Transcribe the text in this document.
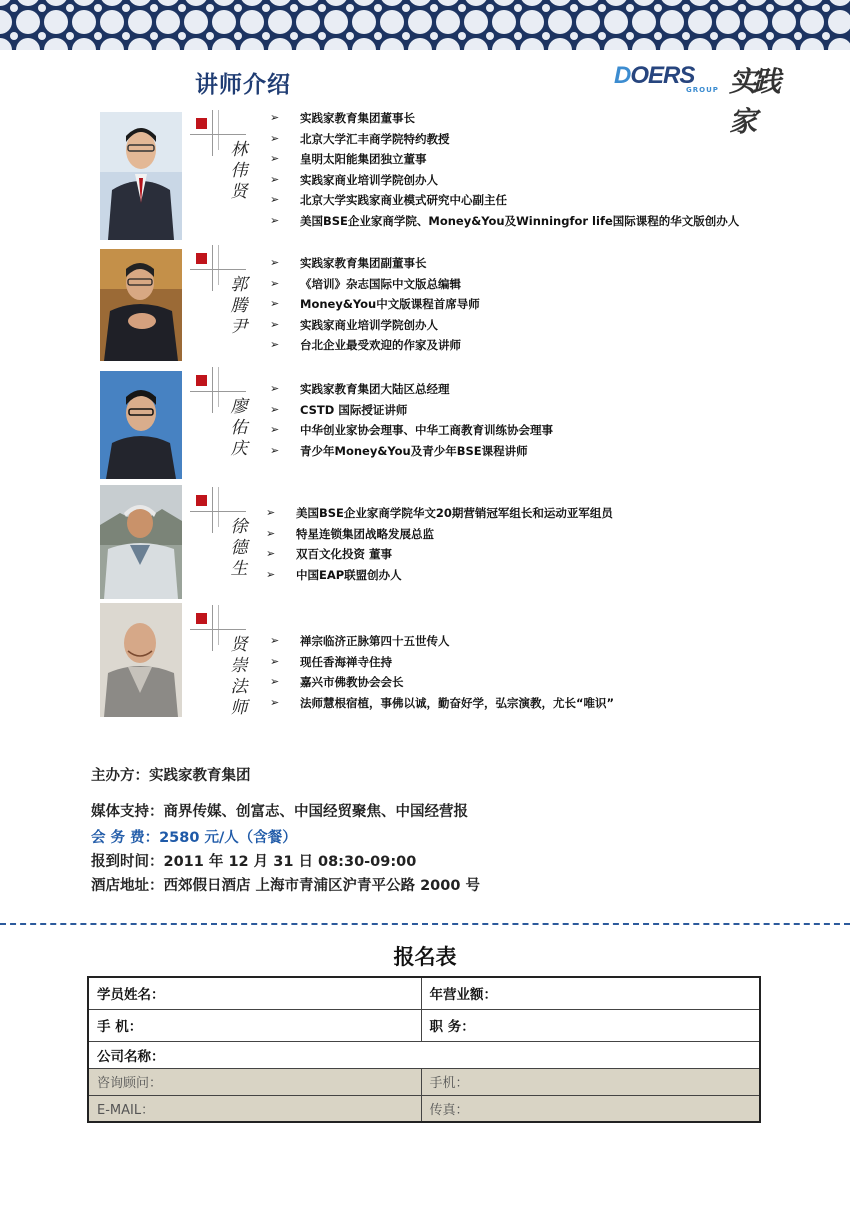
讲师介绍	DOERS
GROUP 实践家
林伟贤
➢ 实践家教育集团董事长
➢ 北京大学汇丰商学院特约教授
➢ 皇明太阳能集团独立董事
➢ 实践家商业培训学院创办人
➢ 北京大学实践家商业模式研究中心副主任
➢ 美国BSE企业家商学院、Money&You及Winningfor life国际课程的华文版创办人
郭腾尹
➢ 实践家教育集团副董事长
➢ 《培训》杂志国际中文版总编辑
➢ Money&You中文版课程首席导师
➢ 实践家商业培训学院创办人
➢ 台北企业最受欢迎的作家及讲师
廖佑庆
➢ 实践家教育集团大陆区总经理
➢ CSTD 国际授证讲师
➢ 中华创业家协会理事、中华工商教育训练协会理事
➢ 青少年Money&You及青少年BSE课程讲师
徐德生
➢ 美国BSE企业家商学院华文20期营销冠军组长和运动亚军组员
➢ 特星连锁集团战略发展总监
➢ 双百文化投资 董事
➢ 中国EAP联盟创办人
贤崇法师
➢ 禅宗临济正脉第四十五世传人
➢ 现任香海禅寺住持
➢ 嘉兴市佛教协会会长
➢ 法师慧根宿植，事佛以诚，勤奋好学，弘宗演教，尤长“唯识”
主办方：实践家教育集团
媒体支持：商界传媒、创富志、中国经贸聚焦、中国经营报
会 务 费：2580 元/人（含餐）
报到时间：2011 年 12 月 31 日 08:30-09:00
酒店地址：西郊假日酒店 上海市青浦区沪青平公路 2000 号
报名表
学员姓名：	年营业额：
手 机：	职 务：
公司名称：	
咨询顾问：	手机：
E-MAIL：	传真：
